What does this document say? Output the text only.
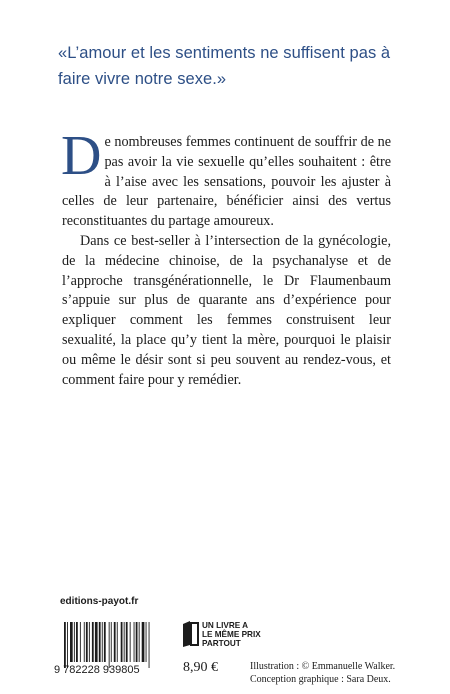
«L’amour et les sentiments ne suffisent pas à
faire vivre notre sexe.»

De nombreuses femmes continuent de souffrir de ne pas avoir la vie sexuelle qu’elles souhaitent : être à l’aise avec les sensations, pouvoir les ajuster à celles de leur partenaire, bénéficier ainsi des vertus reconstituantes du partage amoureux.

Dans ce best-seller à l’intersection de la gynécologie, de la médecine chinoise, de la psychanalyse et de l’approche transgénérationnelle, le Dr Flaumenbaum s’appuie sur plus de quarante ans d’expérience pour expliquer comment les femmes construisent leur sexualité, la place qu’y tient la mère, pourquoi le plaisir ou même le désir sont si peu souvent au rendez-vous, et comment faire pour y remédier.

editions-payot.fr
9 782228 939805	8,90 €
UN LIVRE A
LE MÊME PRIX
PARTOUT
Illustration : © Emmanuelle Walker.
Conception graphique : Sara Deux.
